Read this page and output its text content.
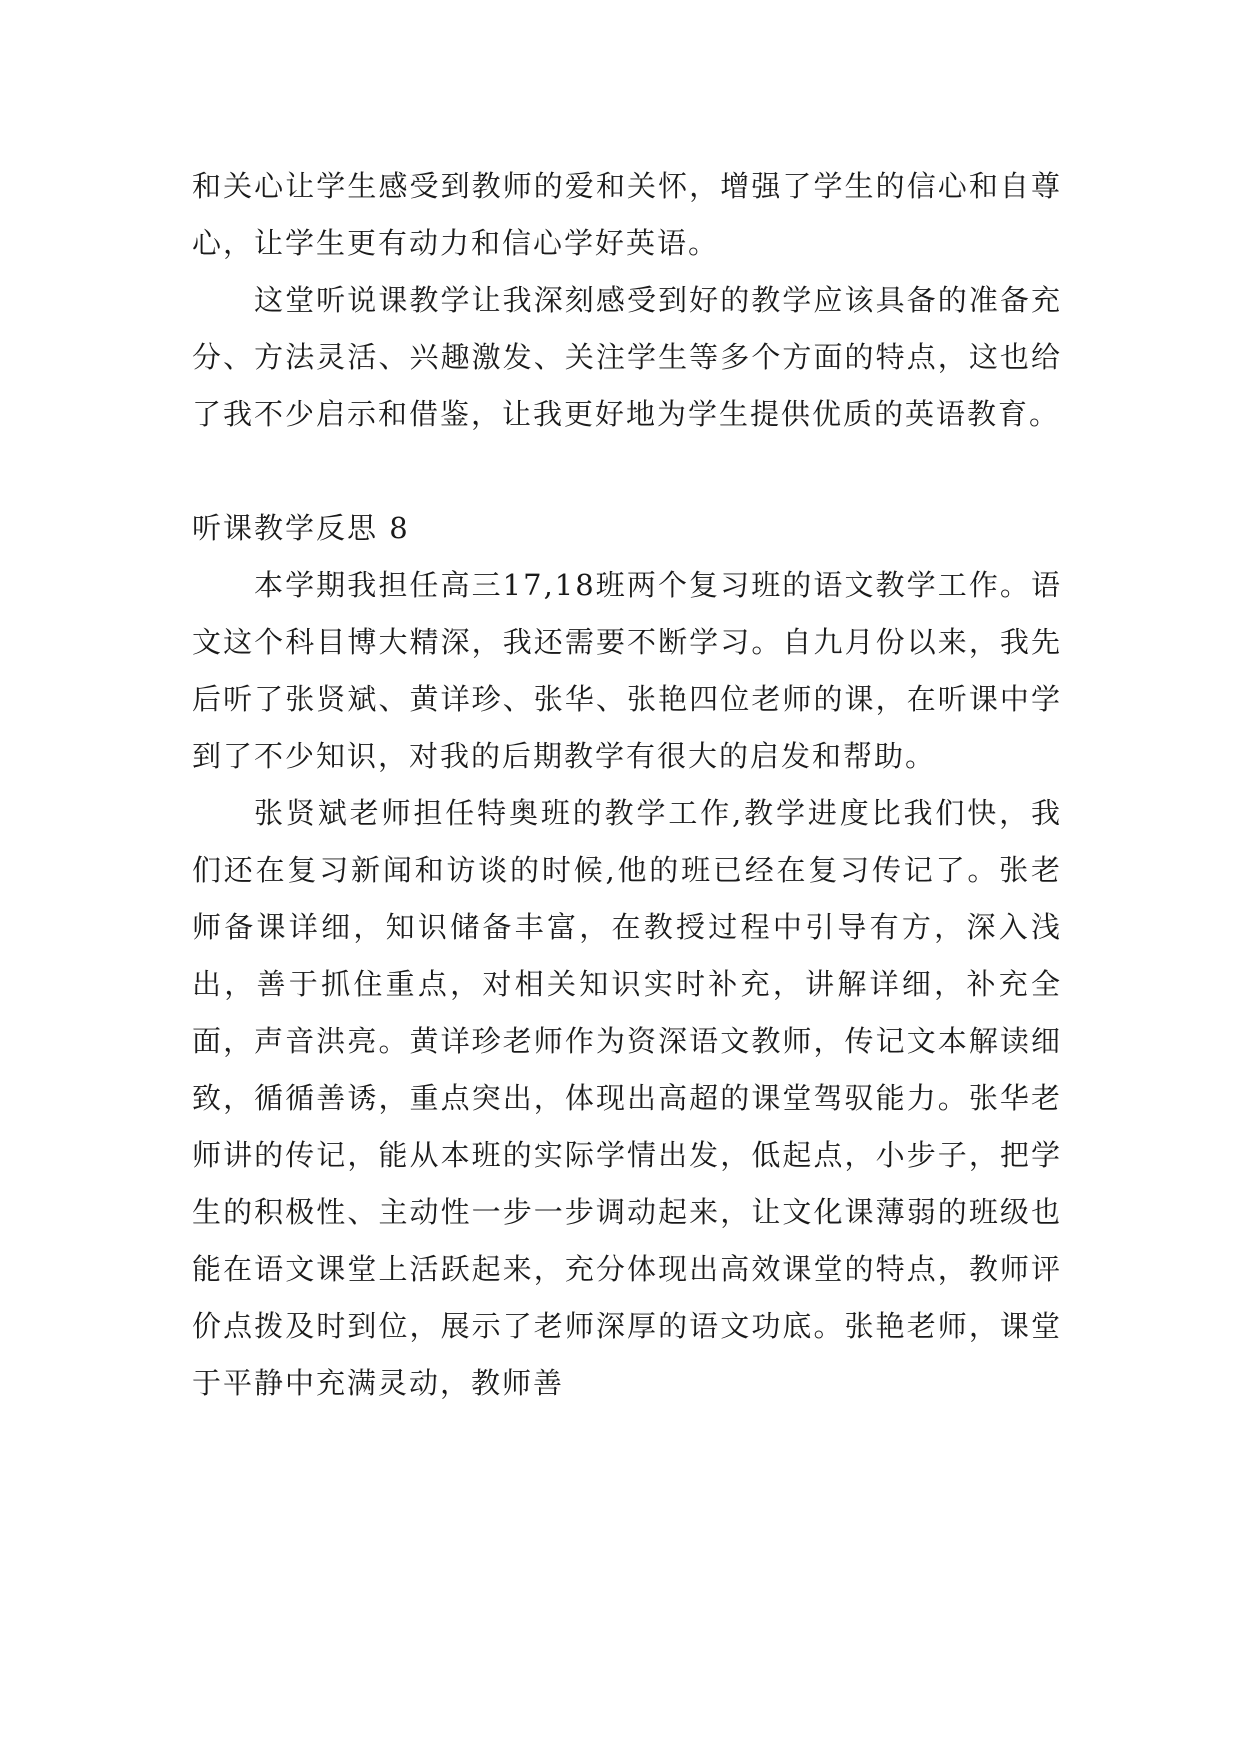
和关心让学生感受到教师的爱和关怀，增强了学生的信心和自尊心，让学生更有动力和信心学好英语。

这堂听说课教学让我深刻感受到好的教学应该具备的准备充分、方法灵活、兴趣激发、关注学生等多个方面的特点，这也给了我不少启示和借鉴，让我更好地为学生提供优质的英语教育。

听课教学反思 8

本学期我担任高三17,18班两个复习班的语文教学工作。语文这个科目博大精深，我还需要不断学习。自九月份以来，我先后听了张贤斌、黄详珍、张华、张艳四位老师的课，在听课中学到了不少知识，对我的后期教学有很大的启发和帮助。

张贤斌老师担任特奥班的教学工作,教学进度比我们快，我们还在复习新闻和访谈的时候,他的班已经在复习传记了。张老师备课详细，知识储备丰富，在教授过程中引导有方，深入浅出，善于抓住重点，对相关知识实时补充，讲解详细，补充全面，声音洪亮。黄详珍老师作为资深语文教师，传记文本解读细致，循循善诱，重点突出，体现出高超的课堂驾驭能力。张华老师讲的传记，能从本班的实际学情出发，低起点，小步子，把学生的积极性、主动性一步一步调动起来，让文化课薄弱的班级也能在语文课堂上活跃起来，充分体现出高效课堂的特点，教师评价点拨及时到位，展示了老师深厚的语文功底。张艳老师，课堂于平静中充满灵动，教师善
